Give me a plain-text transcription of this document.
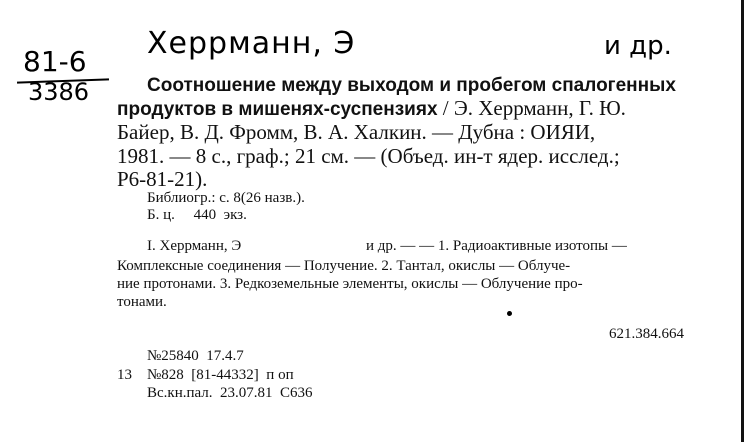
Херрманн, Э	и др.
81-6
3386	Соотношение между выходом и пробегом спалогенных
продуктов в мишенях-суспензиях / Э. Херрманн, Г. Ю.
Байер, В. Д. Фромм, В. А. Халкин. — Дубна : ОИЯИ,
1981. — 8 с., граф.; 21 см. — (Объед. ин-т ядер. исслед.;
Р6-81-21).
Библиогр.: с. 8(26 назв.).
Б. ц.     440  экз.
I. Херрманн, Э	и др. — — 1. Радиоактивные изотопы —
Комплексные соединения — Получение. 2. Тантал, окислы — Облуче-
ние протонами. 3. Редкоземельные элементы, окислы — Облучение про-
тонами.
621.384.664
№25840  17.4.7
13 №828  [81-44332]  п оп
Вс.кн.пал.  23.07.81  С636
